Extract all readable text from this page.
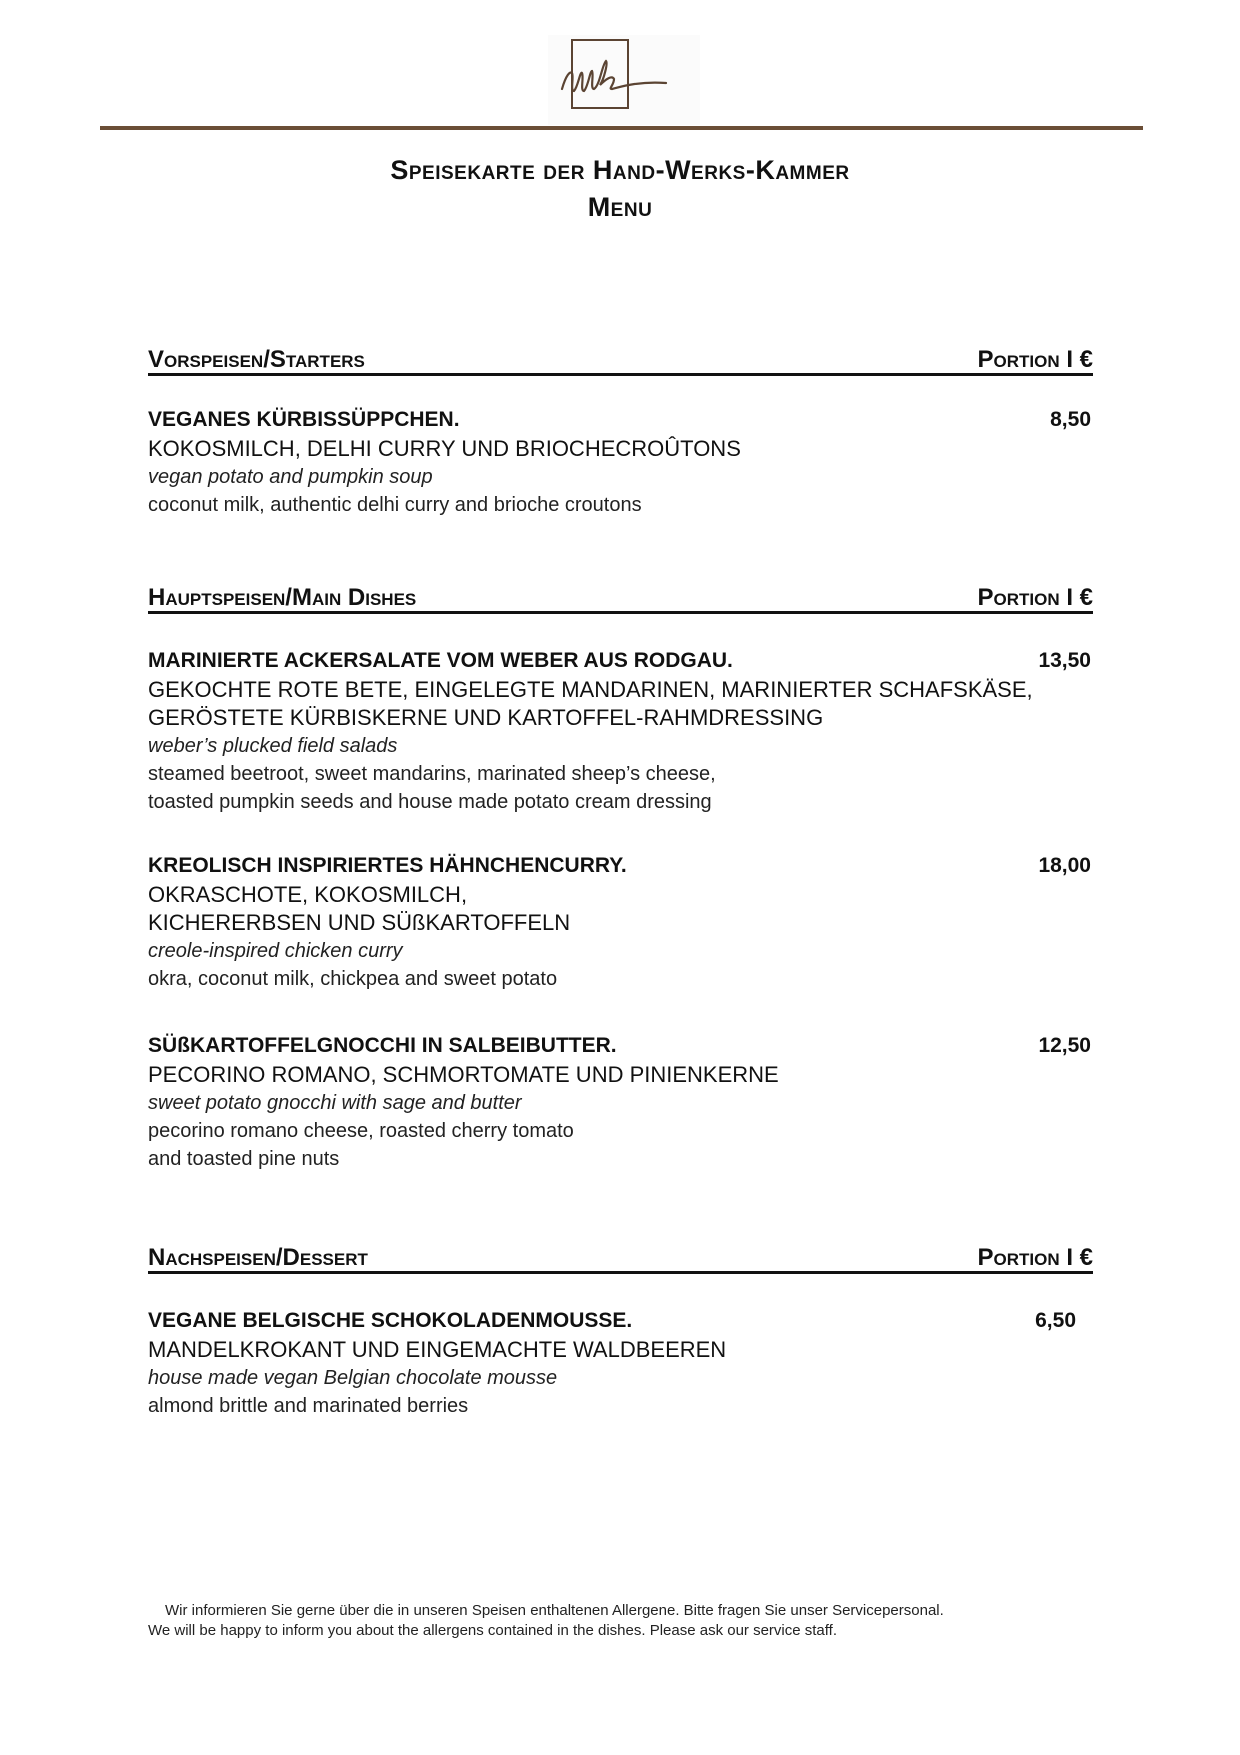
Speisekarte der Hand-Werks-Kammer
Menu
Vorspeisen/Starters	Portion I €
VEGANES KÜRBISSÜPPCHEN.	8,50
KOKOSMILCH, DELHI CURRY UND BRIOCHECROÛTONS
vegan potato and pumpkin soup
coconut milk, authentic delhi curry and brioche croutons
Hauptspeisen/Main Dishes	Portion I €
MARINIERTE ACKERSALATE VOM WEBER AUS RODGAU.	13,50
GEKOCHTE ROTE BETE, EINGELEGTE MANDARINEN, MARINIERTER SCHAFSKÄSE,
GERÖSTETE KÜRBISKERNE UND KARTOFFEL-RAHMDRESSING
weber’s plucked field salads
steamed beetroot, sweet mandarins, marinated sheep’s cheese,
toasted pumpkin seeds and house made potato cream dressing
KREOLISCH INSPIRIERTES HÄHNCHENCURRY.	18,00
OKRASCHOTE, KOKOSMILCH,
KICHERERBSEN UND SÜßKARTOFFELN
creole-inspired chicken curry
okra, coconut milk, chickpea and sweet potato
SÜßKARTOFFELGNOCCHI IN SALBEIBUTTER.	12,50
PECORINO ROMANO, SCHMORTOMATE UND PINIENKERNE
sweet potato gnocchi with sage and butter
pecorino romano cheese, roasted cherry tomato
and toasted pine nuts
Nachspeisen/Dessert	Portion I €
VEGANE BELGISCHE SCHOKOLADENMOUSSE.	6,50
MANDELKROKANT UND EINGEMACHTE WALDBEEREN
house made vegan Belgian chocolate mousse
almond brittle and marinated berries
Wir informieren Sie gerne über die in unseren Speisen enthaltenen Allergene. Bitte fragen Sie unser Servicepersonal.
We will be happy to inform you about the allergens contained in the dishes. Please ask our service staff.
